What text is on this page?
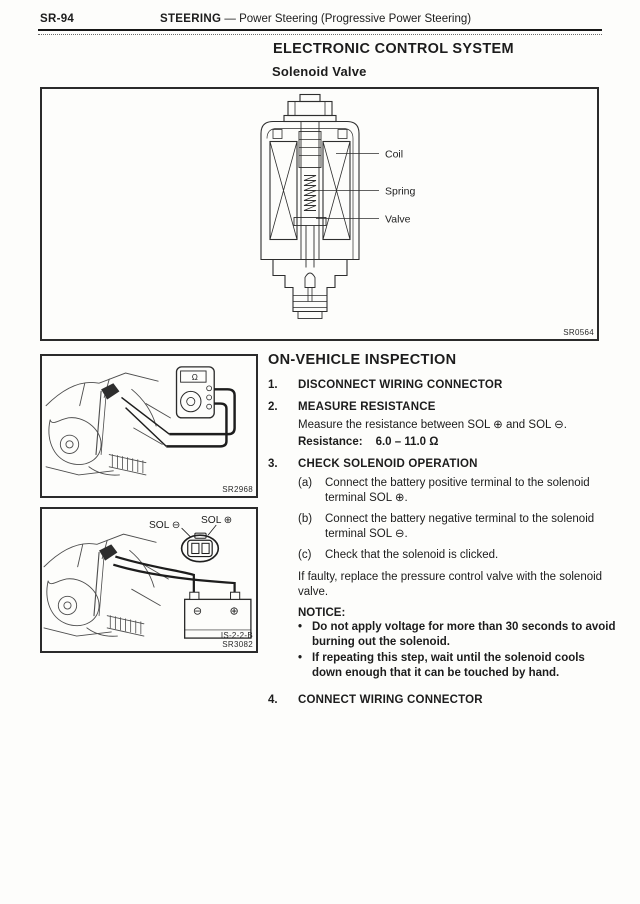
SR-94	STEERING — Power Steering (Progressive Power Steering)
ELECTRONIC CONTROL SYSTEM
Solenoid Valve
Coil
Spring
Valve
SR0564
Ω
SR2968
SOL ⊖ SOL ⊕
⊖ ⊕
IS-2-2-B
SR3082
ON-VEHICLE INSPECTION
1.	DISCONNECT WIRING CONNECTOR
2.	MEASURE RESISTANCE
Measure the resistance between SOL ⊕ and SOL ⊖.
Resistance: 6.0 – 11.0 Ω
3.	CHECK SOLENOID OPERATION
(a)	Connect the battery positive terminal to the solenoid terminal SOL ⊕.
(b)	Connect the battery negative terminal to the solenoid terminal SOL ⊖.
(c)	Check that the solenoid is clicked.
If faulty, replace the pressure control valve with the solenoid valve.
NOTICE:
• Do not apply voltage for more than 30 seconds to avoid burning out the solenoid.
• If repeating this step, wait until the solenoid cools down enough that it can be touched by hand.
4.	CONNECT WIRING CONNECTOR
